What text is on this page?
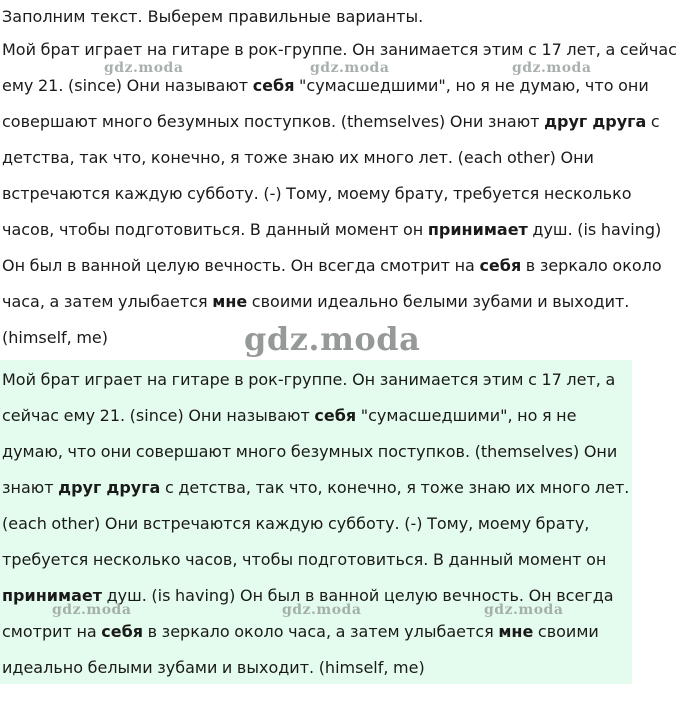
Заполним текст. Выберем правильные варианты.

Мой брат играет на гитаре в рок-группе. Он занимается этим с 17 лет, а сейчас ему 21. (since) Они называют себя "сумасшедшими", но я не думаю, что они совершают много безумных поступков. (themselves) Они знают друг друга с детства, так что, конечно, я тоже знаю их много лет. (each other) Они встречаются каждую субботу. (-) Тому, моему брату, требуется несколько часов, чтобы подготовиться. В данный момент он принимает душ. (is having) Он был в ванной целую вечность. Он всегда смотрит на себя в зеркало около часа, а затем улыбается мне своими идеально белыми зубами и выходит. (himself, me)

Мой брат играет на гитаре в рок-группе. Он занимается этим с 17 лет, а сейчас ему 21. (since) Они называют себя "сумасшедшими", но я не думаю, что они совершают много безумных поступков. (themselves) Они знают друг друга с детства, так что, конечно, я тоже знаю их много лет. (each other) Они встречаются каждую субботу. (-) Тому, моему брату, требуется несколько часов, чтобы подготовиться. В данный момент он принимает душ. (is having) Он был в ванной целую вечность. Он всегда смотрит на себя в зеркало около часа, а затем улыбается мне своими идеально белыми зубами и выходит. (himself, me)

gdz.moda	gdz.moda	gdz.moda
gdz.moda
gdz.moda	gdz.moda	gdz.moda
